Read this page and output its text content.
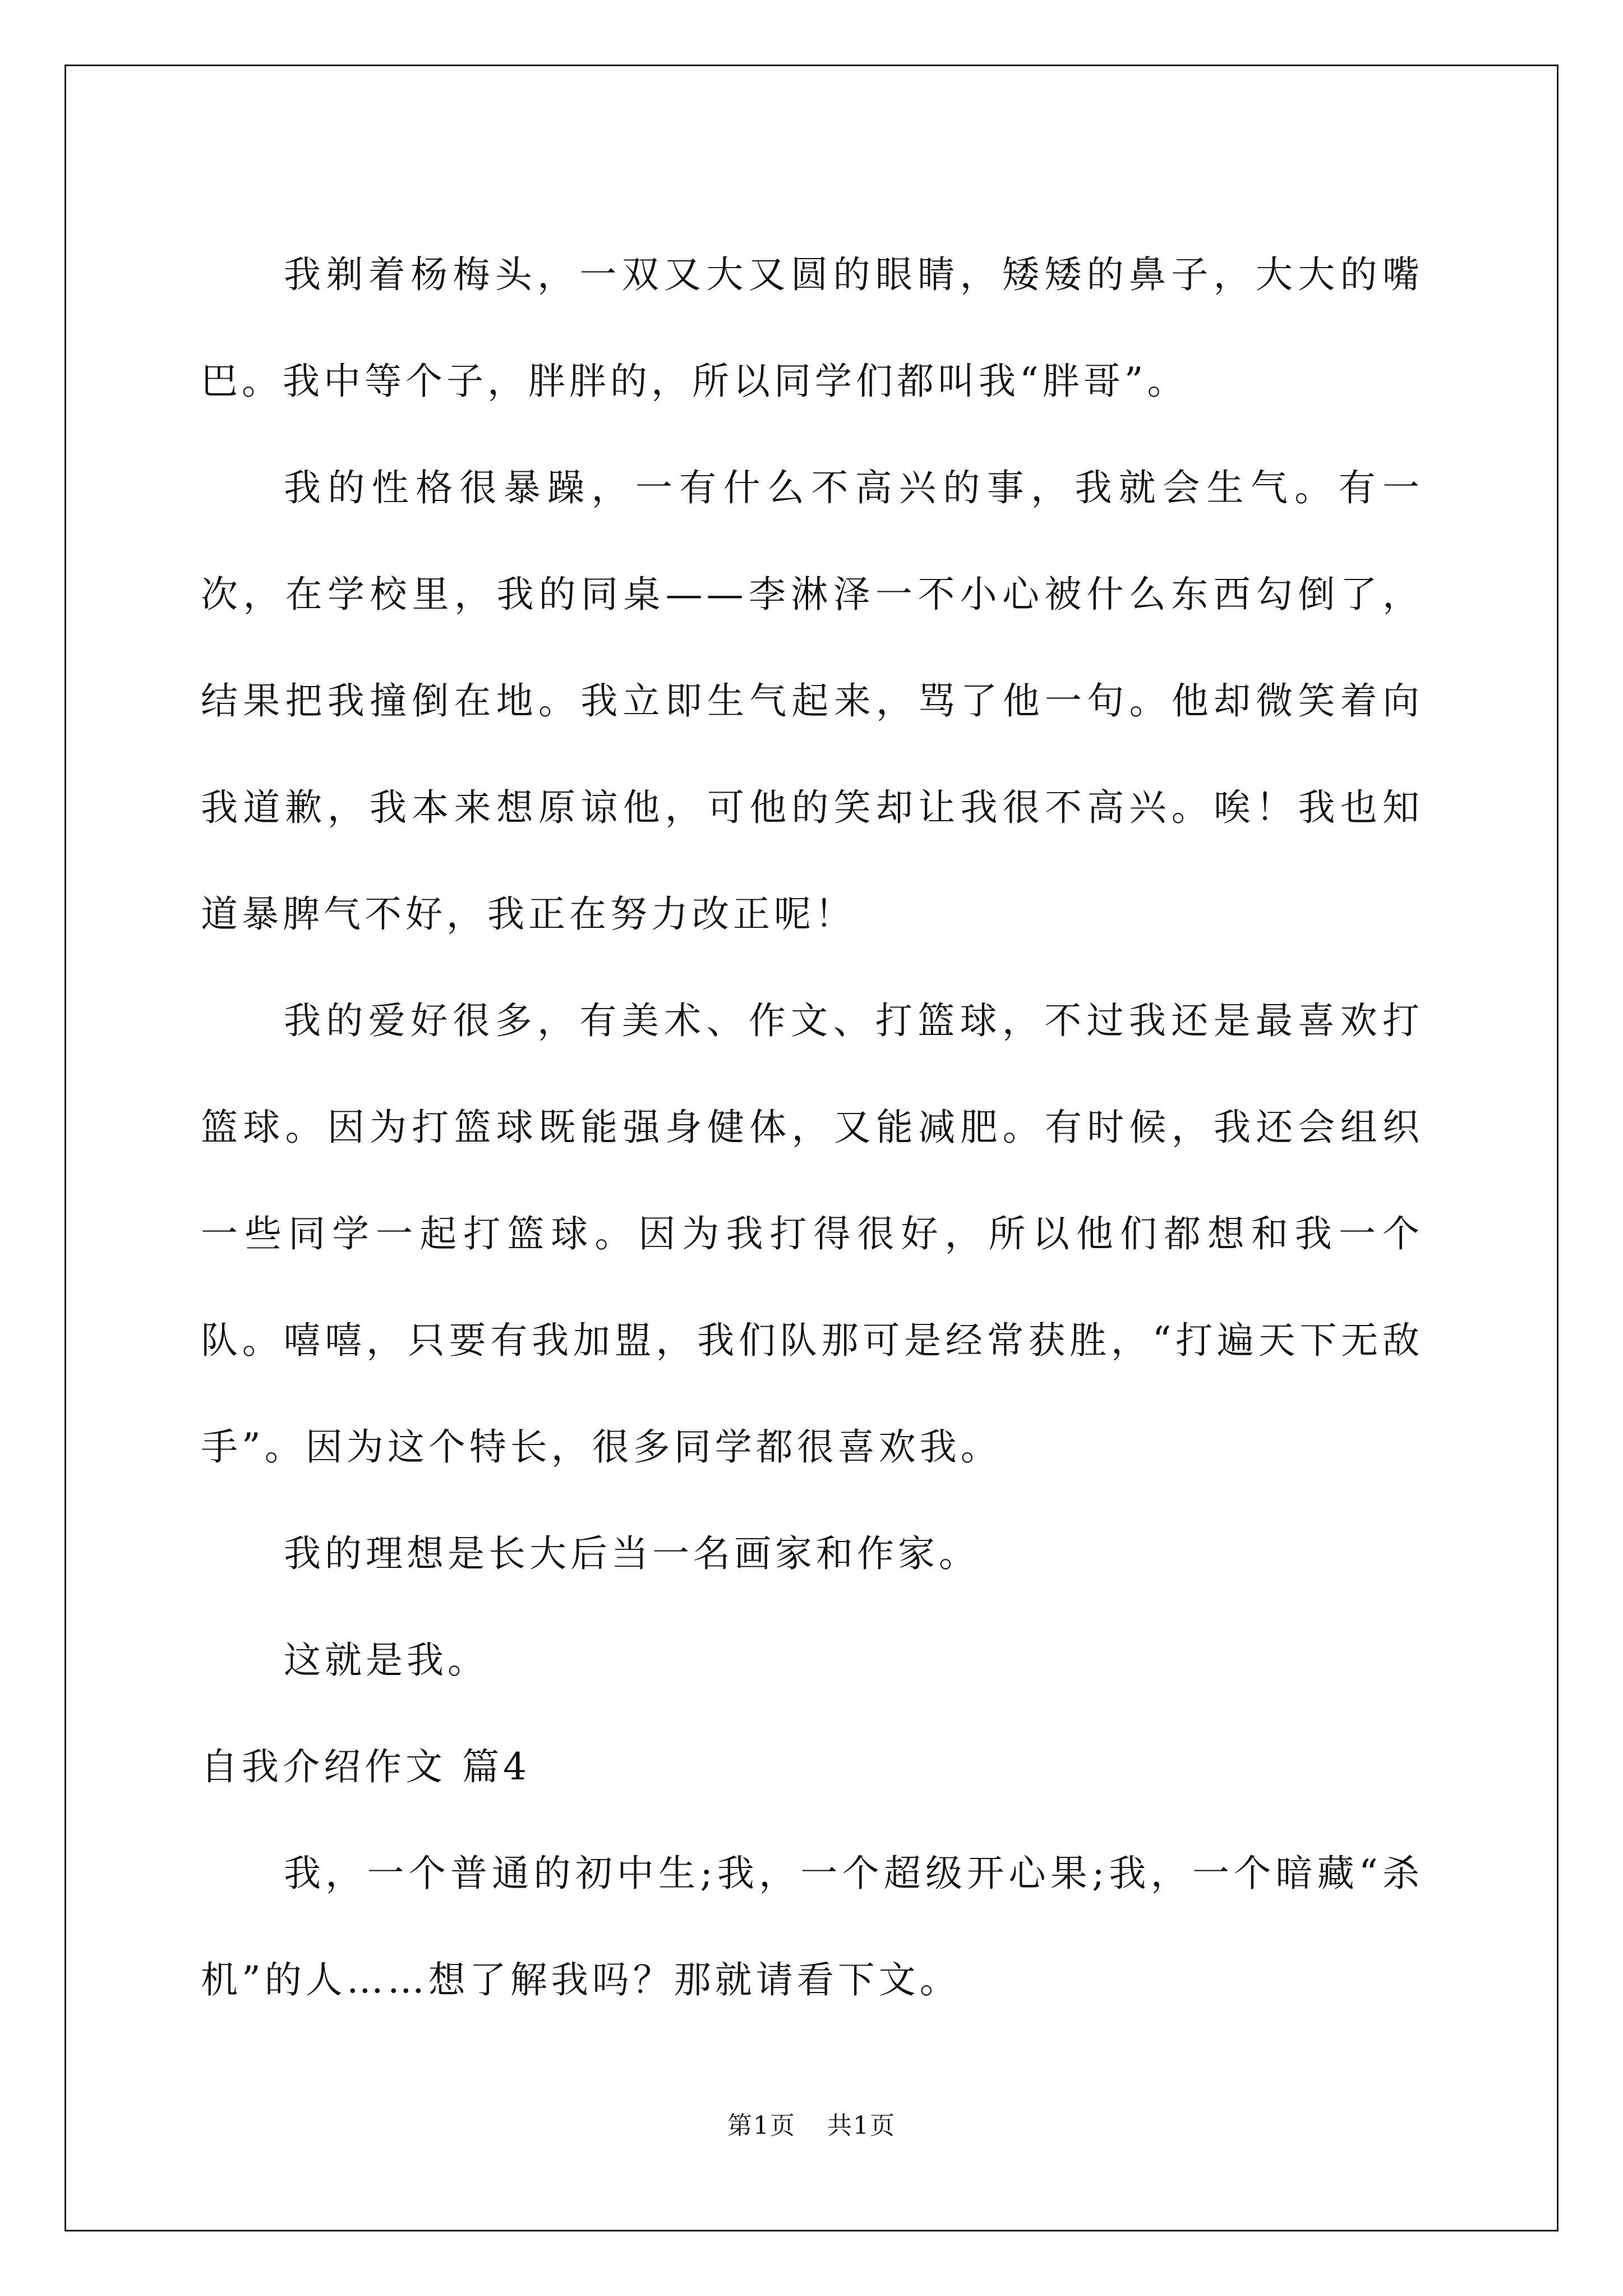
我剃着杨梅头，一双又大又圆的眼睛，矮矮的鼻子，大大的嘴巴。我中等个子，胖胖的，所以同学们都叫我“胖哥”。

我的性格很暴躁，一有什么不高兴的事，我就会生气。有一次，在学校里，我的同桌——李淋泽一不小心被什么东西勾倒了，结果把我撞倒在地。我立即生气起来，骂了他一句。他却微笑着向我道歉，我本来想原谅他，可他的笑却让我很不高兴。唉！我也知道暴脾气不好，我正在努力改正呢！

我的爱好很多，有美术、作文、打篮球，不过我还是最喜欢打篮球。因为打篮球既能强身健体，又能减肥。有时候，我还会组织一些同学一起打篮球。因为我打得很好，所以他们都想和我一个队。嘻嘻，只要有我加盟，我们队那可是经常获胜，“打遍天下无敌手”。因为这个特长，很多同学都很喜欢我。

我的理想是长大后当一名画家和作家。

这就是我。

自我介绍作文 篇4

我，一个普通的初中生;我，一个超级开心果;我，一个暗藏“杀机”的人……想了解我吗？那就请看下文。

第1页 共1页
